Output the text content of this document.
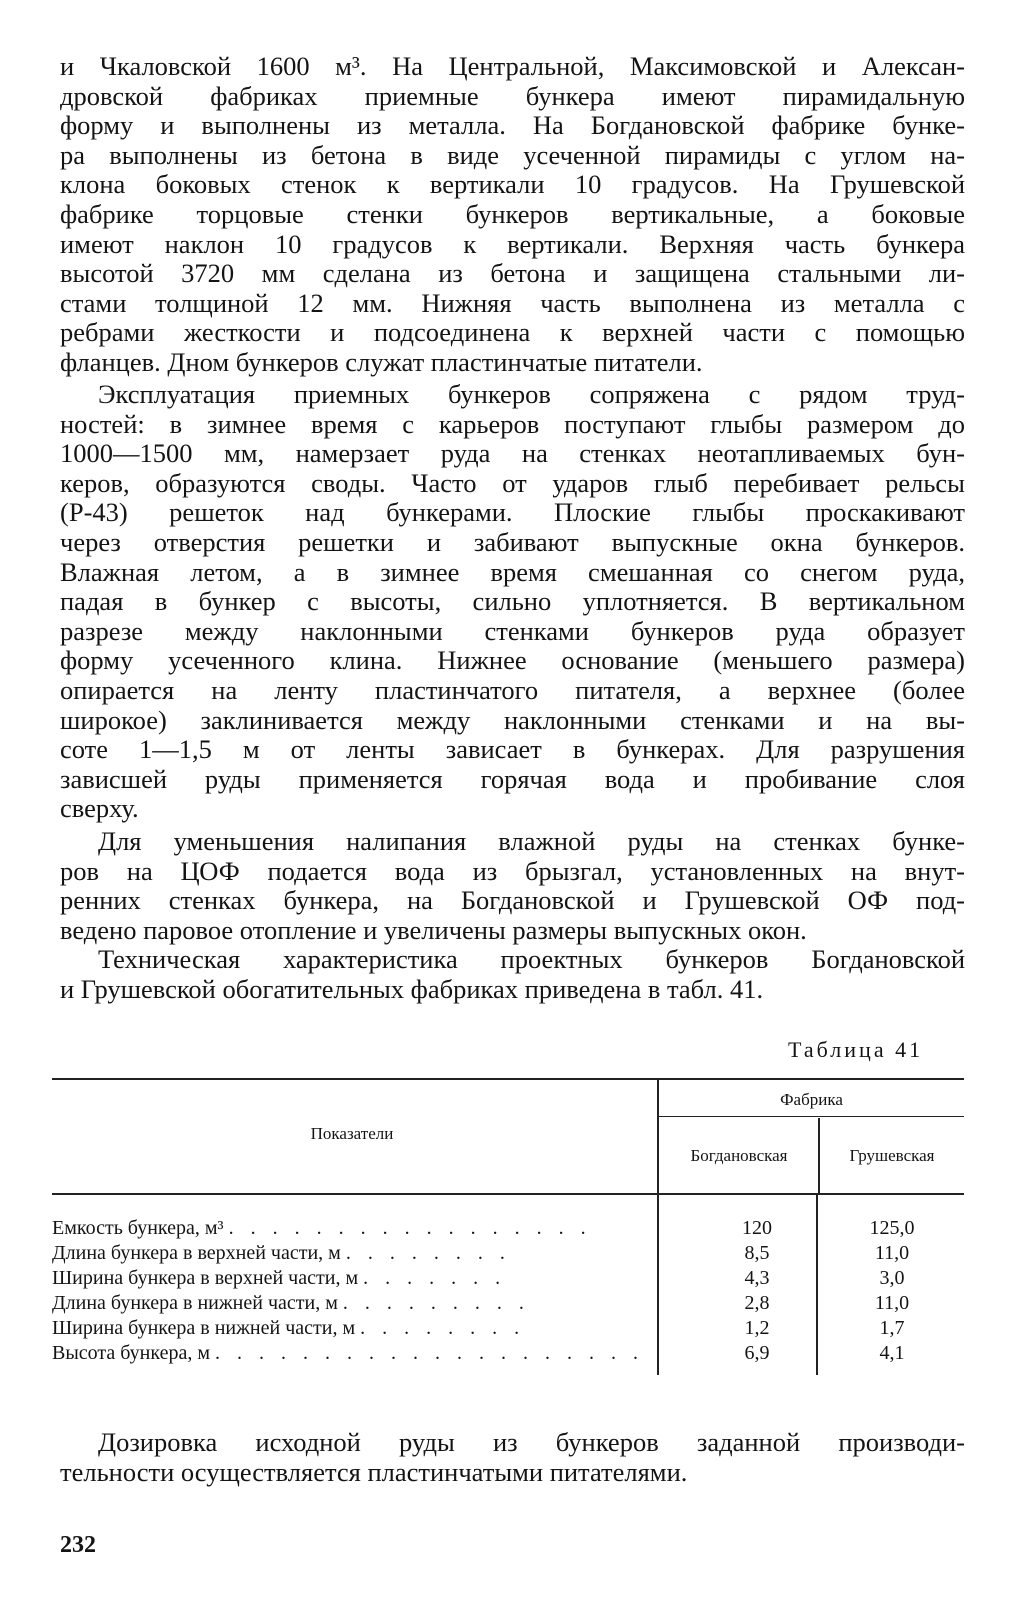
и Чкаловской 1600 м³. На Центральной, Максимовской и Алексан-
дровской фабриках приемные бункера имеют пирамидальную
форму и выполнены из металла. На Богдановской фабрике бунке-
ра выполнены из бетона в виде усеченной пирамиды с углом на-
клона боковых стенок к вертикали 10 градусов. На Грушевской
фабрике торцовые стенки бункеров вертикальные, а боковые
имеют наклон 10 градусов к вертикали. Верхняя часть бункера
высотой 3720 мм сделана из бетона и защищена стальными ли-
стами толщиной 12 мм. Нижняя часть выполнена из металла с
ребрами жесткости и подсоединена к верхней части с помощью
фланцев. Дном бункеров служат пластинчатые питатели.
Эксплуатация приемных бункеров сопряжена с рядом труд-
ностей: в зимнее время с карьеров поступают глыбы размером до
1000—1500 мм, намерзает руда на стенках неотапливаемых бун-
керов, образуются своды. Часто от ударов глыб перебивает рельсы
(Р-43) решеток над бункерами. Плоские глыбы проскакивают
через отверстия решетки и забивают выпускные окна бункеров.
Влажная летом, а в зимнее время смешанная со снегом руда,
падая в бункер с высоты, сильно уплотняется. В вертикальном
разрезе между наклонными стенками бункеров руда образует
форму усеченного клина. Нижнее основание (меньшего размера)
опирается на ленту пластинчатого питателя, а верхнее (более
широкое) заклинивается между наклонными стенками и на вы-
соте 1—1,5 м от ленты зависает в бункерах. Для разрушения
зависшей руды применяется горячая вода и пробивание слоя
сверху.
Для уменьшения налипания влажной руды на стенках бунке-
ров на ЦОФ подается вода из брызгал, установленных на внут-
ренних стенках бункера, на Богдановской и Грушевской ОФ под-
ведено паровое отопление и увеличены размеры выпускных окон.
Техническая характеристика проектных бункеров Богдановской
и Грушевской обогатительных фабриках приведена в табл. 41.
Таблица 41
Показатели
Фабрика
Богдановская	Грушевская
Емкость бункера, м³ . . . . . . . . . . . . . . . . .	120	125,0
Длина бункера в верхней части, м . . . . . . . .	8,5	11,0
Ширина бункера в верхней части, м . . . . . . .	4,3	3,0
Длина бункера в нижней части, м . . . . . . . . .	2,8	11,0
Ширина бункера в нижней части, м . . . . . . . .	1,2	1,7
Высота бункера, м . . . . . . . . . . . . . . . . . . . .	6,9	4,1
Дозировка исходной руды из бункеров заданной производи-
тельности осуществляется пластинчатыми питателями.
232
